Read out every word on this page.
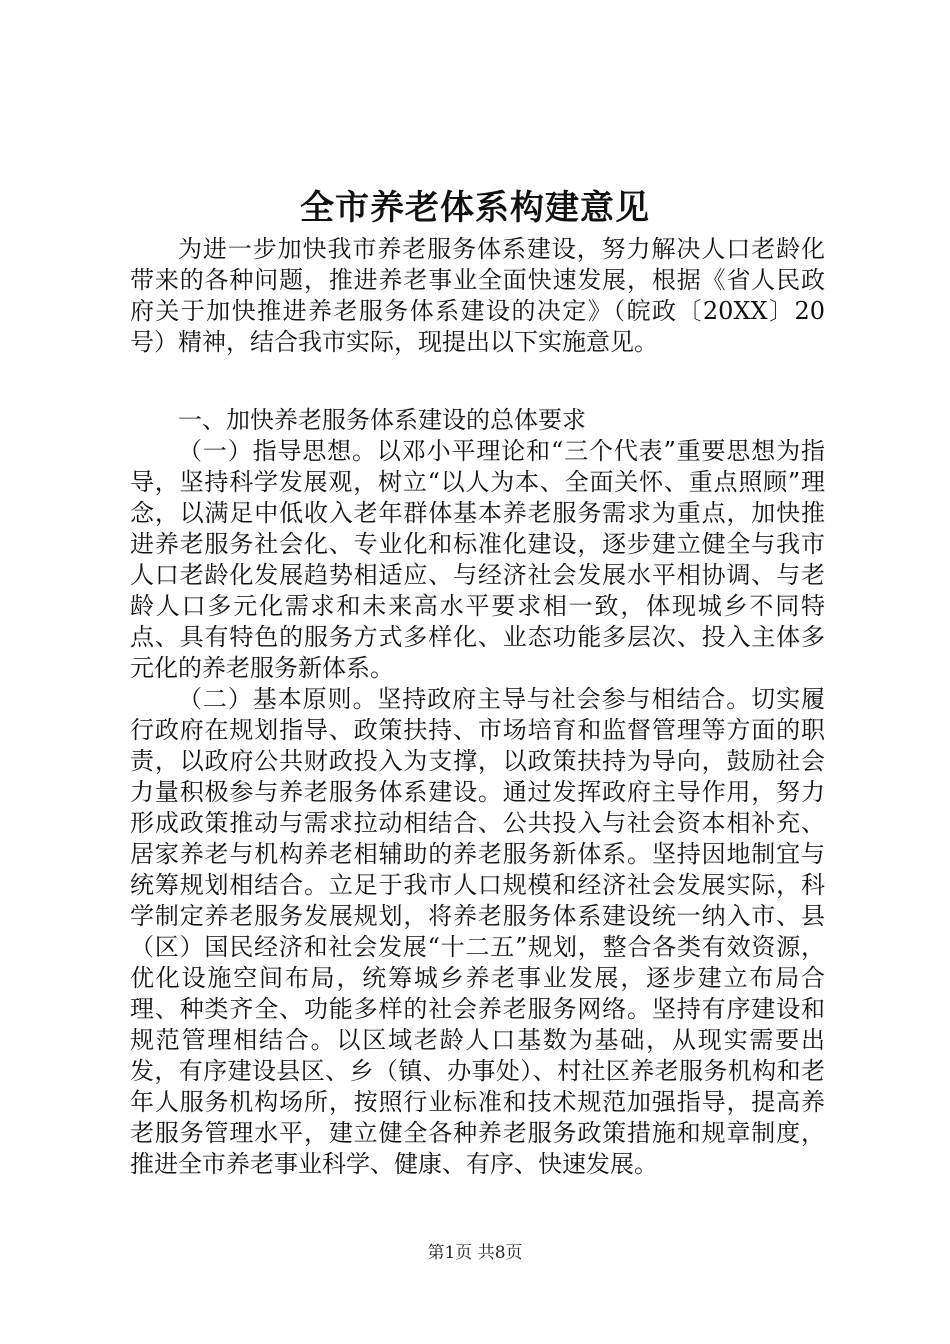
全市养老体系构建意见

为进一步加快我市养老服务体系建设，努力解决人口老龄化带来的各种问题，推进养老事业全面快速发展，根据《省人民政府关于加快推进养老服务体系建设的决定》（皖政〔20XX〕20号）精神，结合我市实际，现提出以下实施意见。

一、加快养老服务体系建设的总体要求

（一）指导思想。以邓小平理论和“三个代表”重要思想为指导，坚持科学发展观，树立“以人为本、全面关怀、重点照顾”理念，以满足中低收入老年群体基本养老服务需求为重点，加快推进养老服务社会化、专业化和标准化建设，逐步建立健全与我市人口老龄化发展趋势相适应、与经济社会发展水平相协调、与老龄人口多元化需求和未来高水平要求相一致，体现城乡不同特点、具有特色的服务方式多样化、业态功能多层次、投入主体多元化的养老服务新体系。

（二）基本原则。坚持政府主导与社会参与相结合。切实履行政府在规划指导、政策扶持、市场培育和监督管理等方面的职责，以政府公共财政投入为支撑，以政策扶持为导向，鼓励社会力量积极参与养老服务体系建设。通过发挥政府主导作用，努力形成政策推动与需求拉动相结合、公共投入与社会资本相补充、居家养老与机构养老相辅助的养老服务新体系。坚持因地制宜与统筹规划相结合。立足于我市人口规模和经济社会发展实际，科学制定养老服务发展规划，将养老服务体系建设统一纳入市、县（区）国民经济和社会发展“十二五”规划，整合各类有效资源，优化设施空间布局，统筹城乡养老事业发展，逐步建立布局合理、种类齐全、功能多样的社会养老服务网络。坚持有序建设和规范管理相结合。以区域老龄人口基数为基础，从现实需要出发，有序建设县区、乡（镇、办事处）、村社区养老服务机构和老年人服务机构场所，按照行业标准和技术规范加强指导，提高养老服务管理水平，建立健全各种养老服务政策措施和规章制度，推进全市养老事业科学、健康、有序、快速发展。

第1页 共8页
